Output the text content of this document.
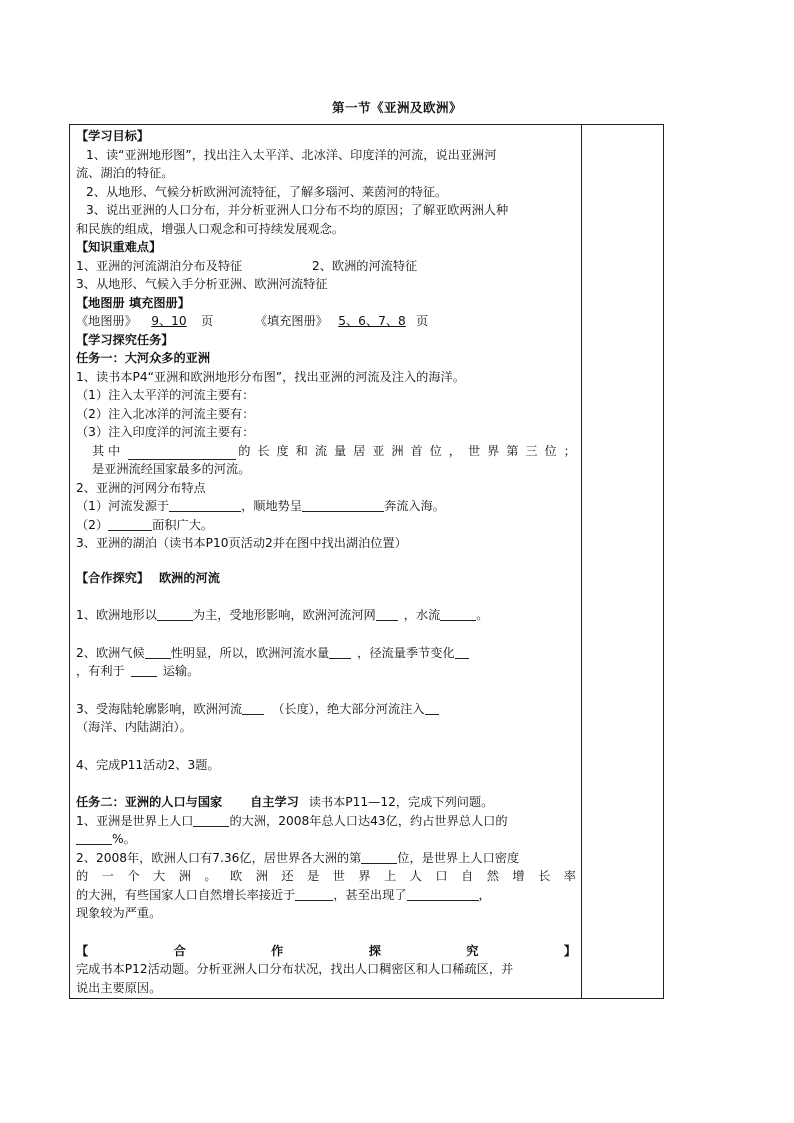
第一节《亚洲及欧洲》
【学习目标】
1、读“亚洲地形图”，找出注入太平洋、北冰洋、印度洋的河流，说出亚洲河
流、湖泊的特征。
2、从地形、气候分析欧洲河流特征，了解多瑙河、莱茵河的特征。
3、说出亚洲的人口分布，并分析亚洲人口分布不均的原因；了解亚欧两洲人种
和民族的组成，增强人口观念和可持续发展观念。
【知识重难点】
1、亚洲的河流湖泊分布及特征	2、欧洲的河流特征
3、从地形、气候入手分析亚洲、欧洲河流特征
【地图册 填充图册】
《地图册》 9、10 页	《填充图册》 5、6、7、8 页
【学习探究任务】
任务一：大河众多的亚洲
1、读书本P4“亚洲和欧洲地形分布图”，找出亚洲的河流及注入的海洋。
（1）注入太平洋的河流主要有：
（2）注入北冰洋的河流主要有：
（3）注入印度洋的河流主要有：
其 中	的 长 度 和 流 量 居 亚 洲 首 位 ， 世 界 第 三 位 ；
是亚洲流经国家最多的河流。
2、亚洲的河网分布特点
（1）河流发源于	，顺地势呈	奔流入海。
（2）	面积广大。
3、亚洲的湖泊（读书本P10页活动2并在图中找出湖泊位置）
【合作探究】 欧洲的河流
1、欧洲地形以	为主，受地形影响，欧洲河流河网 ，水流	。
2、欧洲气候 性明显，所以，欧洲河流水量 ，径流量季节变化
，有利于	运输。
3、受海陆轮廓影响，欧洲河流 （长度），绝大部分河流注入
（海洋、内陆湖泊）。
4、完成P11活动2、3题。
任务二：亚洲的人口与国家 自主学习 读书本P11—12，完成下列问题。
1、亚洲是世界上人口	的大洲，2008年总人口达43亿，约占世界总人口的
%。
2、2008年，欧洲人口有7.36亿，居世界各大洲的第	位，是世界上人口密度
的 一 个 大 洲 。 欧 洲 还 是 世 界 上 人 口 自 然 增 长 率
的大洲，有些国家人口自然增长率接近于	，甚至出现了	，
现象较为严重。
【	合	作	探	究	】
完成书本P12活动题。分析亚洲人口分布状况，找出人口稠密区和人口稀疏区，并
说出主要原因。
